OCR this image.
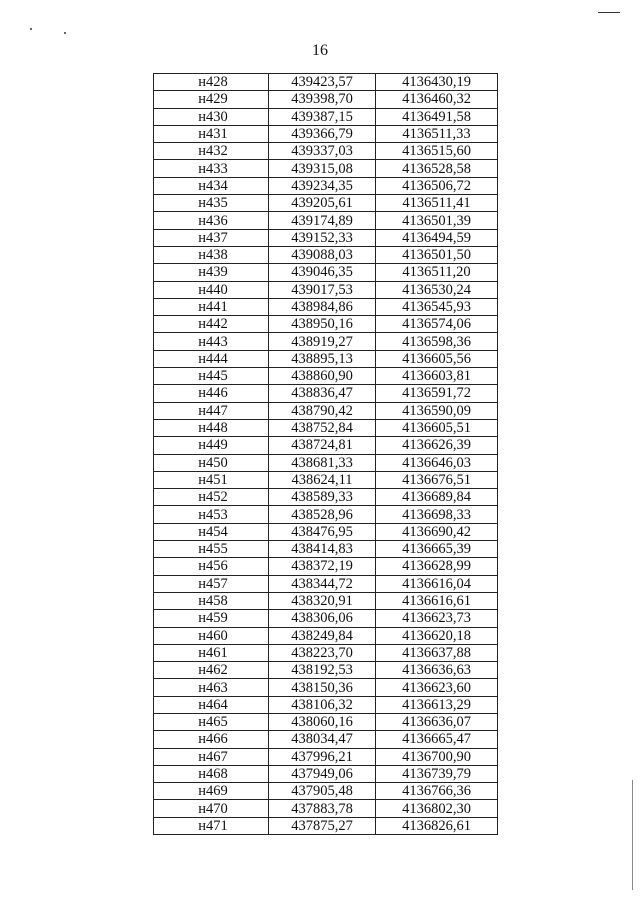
16
н428	439423,57	4136430,19
н429	439398,70	4136460,32
н430	439387,15	4136491,58
н431	439366,79	4136511,33
н432	439337,03	4136515,60
н433	439315,08	4136528,58
н434	439234,35	4136506,72
н435	439205,61	4136511,41
н436	439174,89	4136501,39
н437	439152,33	4136494,59
н438	439088,03	4136501,50
н439	439046,35	4136511,20
н440	439017,53	4136530,24
н441	438984,86	4136545,93
н442	438950,16	4136574,06
н443	438919,27	4136598,36
н444	438895,13	4136605,56
н445	438860,90	4136603,81
н446	438836,47	4136591,72
н447	438790,42	4136590,09
н448	438752,84	4136605,51
н449	438724,81	4136626,39
н450	438681,33	4136646,03
н451	438624,11	4136676,51
н452	438589,33	4136689,84
н453	438528,96	4136698,33
н454	438476,95	4136690,42
н455	438414,83	4136665,39
н456	438372,19	4136628,99
н457	438344,72	4136616,04
н458	438320,91	4136616,61
н459	438306,06	4136623,73
н460	438249,84	4136620,18
н461	438223,70	4136637,88
н462	438192,53	4136636,63
н463	438150,36	4136623,60
н464	438106,32	4136613,29
н465	438060,16	4136636,07
н466	438034,47	4136665,47
н467	437996,21	4136700,90
н468	437949,06	4136739,79
н469	437905,48	4136766,36
н470	437883,78	4136802,30
н471	437875,27	4136826,61
